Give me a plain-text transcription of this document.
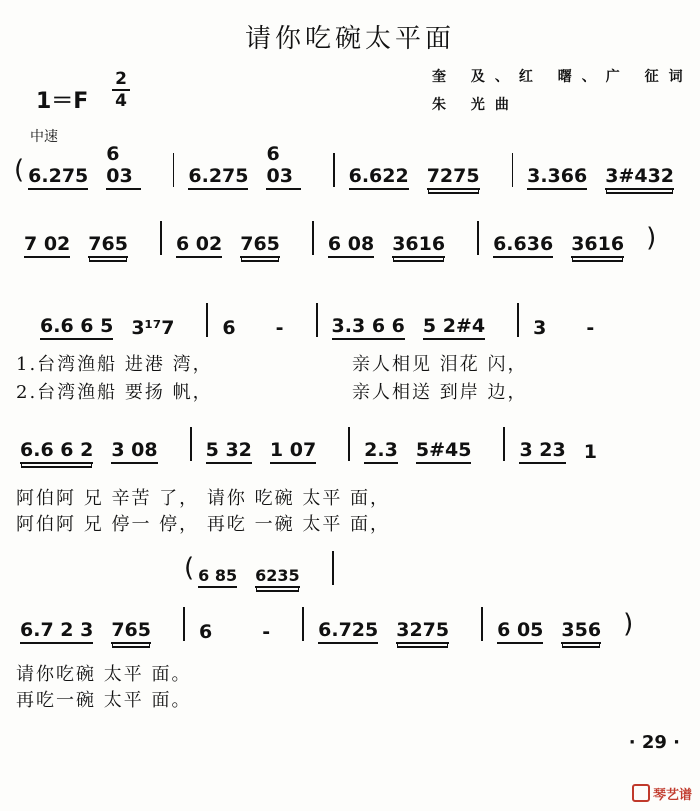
请你吃碗太平面
1＝F
2
4
奎 及、红 曙、广 征词
朱 光曲
中速
( 6.275
6 03	6.275
6 03	6.622 7275	3.366 3#432
7 02 765	6 02 765	6 08 3616	6.636 3616 )
6.6 6 5 3¹⁷7	6 -	3.3 6 6 5 2#4	3 -
1.台湾渔船 进港 湾，	亲人相见 泪花 闪，
2.台湾渔船 要扬 帆，	亲人相送 到岸 边，
6.6 6 2 3 08	5 32 1 07	2.3 5#45	3 23 1
阿伯阿 兄 辛苦 了， 请你 吃碗 太平 面，
阿伯阿 兄 停一 停， 再吃 一碗 太平 面，
( 6 85 6235
6.7 2 3 765	6	-	6.725 3275	6 05 356 )
请你吃碗 太平 面。
再吃一碗 太平 面。
· 29 ·
琴艺谱
